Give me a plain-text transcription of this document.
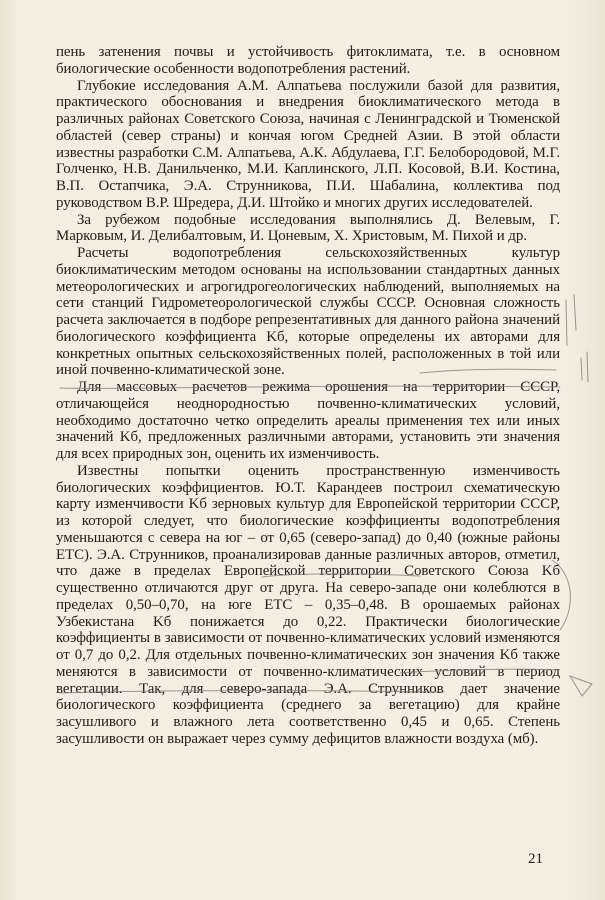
пень затенения почвы и устойчивость фитоклимата, т.е. в основном биологические особенности водопотребления растений.

Глубокие исследования А.М. Алпатьева послужили базой для развития, практического обоснования и внедрения биоклиматического метода в различных районах Советского Союза, начиная с Ленинградской и Тюменской областей (север страны) и кончая югом Средней Азии. В этой области известны разработки С.М. Алпатьева, А.К. Абдулаева, Г.Г. Белобородовой, М.Г. Голченко, Н.В. Данильченко, М.И. Каплинского, Л.П. Косовой, В.И. Костина, В.П. Остапчика, Э.А. Струнникова, П.И. Шабалина, коллектива под руководством В.Р. Шредера, Д.И. Штойко и многих других исследователей.

За рубежом подобные исследования выполнялись Д. Велевым, Г. Марковым, И. Делибалтовым, И. Цоневым, Х. Христовым, М. Пихой и др.

Расчеты водопотребления сельскохозяйственных культур биоклиматическим методом основаны на использовании стандартных данных метеорологических и агрогидрогеологических наблюдений, выполняемых на сети станций Гидрометеорологической службы СССР. Основная сложность расчета заключается в подборе репрезентативных для данного района значений биологического коэффициента Kб, которые определены их авторами для конкретных опытных сельскохозяйственных полей, расположенных в той или иной почвенно-климатической зоне.

Для массовых расчетов режима орошения на территории СССР, отличающейся неоднородностью почвенно-климатических условий, необходимо достаточно четко определить ареалы применения тех или иных значений Kб, предложенных различными авторами, установить эти значения для всех природных зон, оценить их изменчивость.

Известны попытки оценить пространственную изменчивость биологических коэффициентов. Ю.Т. Карандеев построил схематическую карту изменчивости Kб зерновых культур для Европейской территории СССР, из которой следует, что биологические коэффициенты водопотребления уменьшаются с севера на юг – от 0,65 (северо-запад) до 0,40 (южные районы ЕТС). Э.А. Струнников, проанализировав данные различных авторов, отметил, что даже в пределах Европейской территории Советского Союза Kб существенно отличаются друг от друга. На северо-западе они колеблются в пределах 0,50–0,70, на юге ЕТС – 0,35–0,48. В орошаемых районах Узбекистана Kб понижается до 0,22. Практически биологические коэффициенты в зависимости от почвенно-климатических условий изменяются от 0,7 до 0,2. Для отдельных почвенно-климатических зон значения Kб также меняются в зависимости от почвенно-климатических условий в период вегетации. Так, для северо-запада Э.А. Струнников дает значение биологического коэффициента (среднего за вегетацию) для крайне засушливого и влажного лета соответственно 0,45 и 0,65. Степень засушливости он выражает через сумму дефицитов влажности воздуха (мб).

21
